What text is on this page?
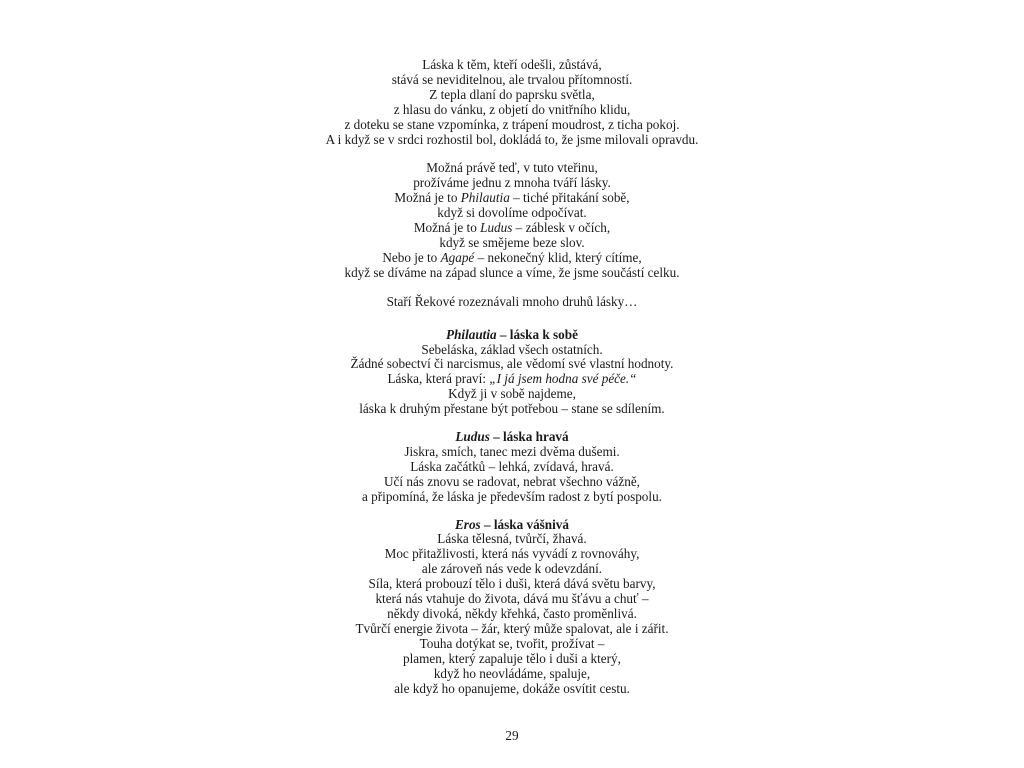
Láska k těm, kteří odešli, zůstává,
stává se neviditelnou, ale trvalou přítomností.
Z tepla dlaní do paprsku světla,
z hlasu do vánku, z objetí do vnitřního klidu,
z doteku se stane vzpomínka, z trápení moudrost, z ticha pokoj.
A i když se v srdci rozhostil bol, dokládá to, že jsme milovali opravdu.
Možná právě teď, v tuto vteřinu,
prožíváme jednu z mnoha tváří lásky.
Možná je to Philautia – tiché přitakání sobě,
když si dovolíme odpočívat.
Možná je to Ludus – záblesk v očích,
když se smějeme beze slov.
Nebo je to Agapé – nekonečný klid, který cítíme,
když se díváme na západ slunce a víme, že jsme součástí celku.
Staří Řekové rozeznávali mnoho druhů lásky…
Philautia – láska k sobě
Sebeláska, základ všech ostatních.
Žádné sobectví či narcismus, ale vědomí své vlastní hodnoty.
Láska, která praví: „I já jsem hodna své péče.“
Když ji v sobě najdeme,
láska k druhým přestane být potřebou – stane se sdílením.
Ludus – láska hravá
Jiskra, smích, tanec mezi dvěma dušemi.
Láska začátků – lehká, zvídavá, hravá.
Učí nás znovu se radovat, nebrat všechno vážně,
a připomíná, že láska je především radost z bytí pospolu.
Eros – láska vášnivá
Láska tělesná, tvůrčí, žhavá.
Moc přitažlivosti, která nás vyvádí z rovnováhy,
ale zároveň nás vede k odevzdání.
Síla, která probouzí tělo i duši, která dává světu barvy,
která nás vtahuje do života, dává mu šťávu a chuť –
někdy divoká, někdy křehká, často proměnlivá.
Tvůrčí energie života – žár, který může spalovat, ale i zářit.
Touha dotýkat se, tvořit, prožívat –
plamen, který zapaluje tělo i duši a který,
když ho neovládáme, spaluje,
ale když ho opanujeme, dokáže osvítit cestu.
29
